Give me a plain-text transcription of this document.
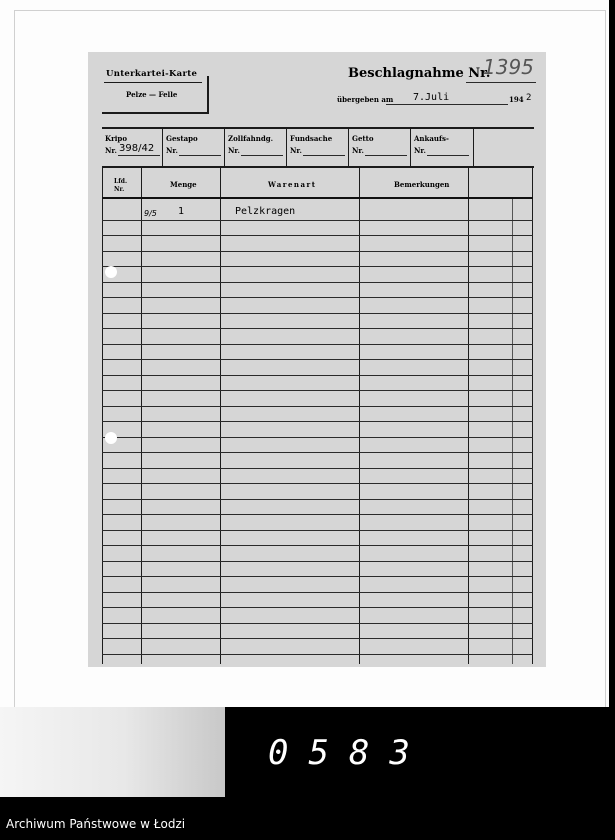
Unterkartei-Karte
Pelze — Felle
Beschlagnahme Nr.
1395
übergeben am 7.Juli	194 2
Kripo
Nr. 398/42
Gestapo
Nr.
Zollfahndg.
Nr.
Fundsache
Nr.
Getto
Nr.
Ankaufs-
Nr.
Lfd. Nr.
Menge	Warenart	Bemerkungen
9/5 1	Pelzkragen
0583
Archiwum Państwowe w Łodzi
